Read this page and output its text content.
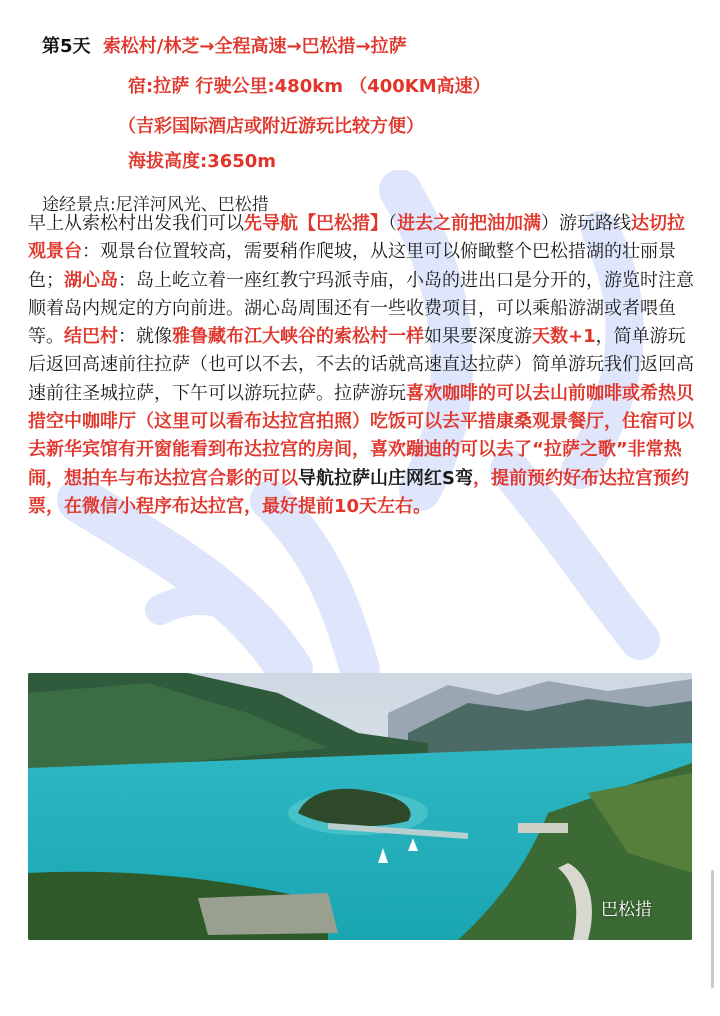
第5天 索松村/林芝→全程高速→巴松措→拉萨
宿:拉萨 行驶公里:480km （400KM高速）
（吉彩国际酒店或附近游玩比较方便）
海拔高度:3650m
途经景点:尼洋河风光、巴松措
早上从索松村出发我们可以先导航【巴松措】（进去之前把油加满）游玩路线达切拉观景台：观景台位置较高，需要稍作爬坡，从这里可以俯瞰整个巴松措湖的壮丽景色；湖心岛：岛上屹立着一座红教宁玛派寺庙，小岛的进出口是分开的，游览时注意顺着岛内规定的方向前进。湖心岛周围还有一些收费项目，可以乘船游湖或者喂鱼等。结巴村：就像雅鲁藏布江大峡谷的索松村一样如果要深度游天数+1，简单游玩后返回高速前往拉萨（也可以不去，不去的话就高速直达拉萨）简单游玩我们返回高速前往圣城拉萨，下午可以游玩拉萨。拉萨游玩喜欢咖啡的可以去山前咖啡或希热贝措空中咖啡厅（这里可以看布达拉宫拍照）吃饭可以去平措康桑观景餐厅，住宿可以去新华宾馆有开窗能看到布达拉宫的房间，喜欢蹦迪的可以去了“拉萨之歌”非常热闹，想拍车与布达拉宫合影的可以导航拉萨山庄网红S弯，提前预约好布达拉宫预约票，在微信小程序布达拉宫，最好提前10天左右。
巴松措
